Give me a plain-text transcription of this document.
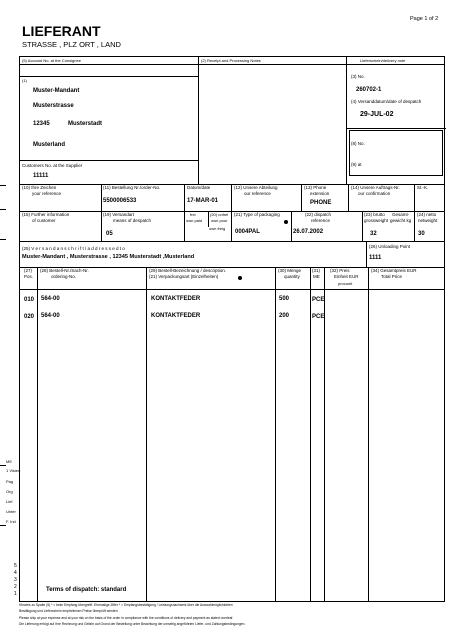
Page 1 of 2
LIEFERANT
STRASSE , PLZ ORT , LAND
(5) Account No. at the Consignee	(2) Receipt and Processing Notes	Lieferschein/delivery note
(1)
Muster-Mandant
Musterstrasse
12345	Musterstadt
Musterland
(3) No.
260702-1
(4) Versanddatum/date of despatch
29-JUL-02
(8) No.
(9) at
Customers No. at the Supplier
11111
(10) Ihre Zeichen
your reference
(11) Bestellung Nr./order-No.
5500006533
Datum/date
17-MAR-01
(12) Unsere Abteilung
our reference
(13) Phone
extension
PHONE
(14) Unsere Auftrags-Nr.
our confirmation
St.-K.
(15) Further information
of customer
(19) Versandart
means of despatch
05
frei
own paid
(20) unfrei
own pour
own freig
(21) Type of packaging
0004PAL
(22) dispatch
reference
26.07.2002
(23) brutto
grossweight
Gesamt-
gewicht kg
32
(24) netto
netweight
30
(25) V e r s a n d a n s c h r i f t / a d d r e s s e d t o
Muster-Mandant , Musterstrasse , 12345 Musterstadt ,Musterland
(26) Unloading Point
1111
(27)
Pos.
(28) Bestell-Nr./Sach-Nr.
ordering-No.
(29) Bestell-Bezeichnung / description.
(21) Verpackungsart (Einzelheiten)
(30) Menge
quantity
(31)
ME
(32) Preis
Einheit EUR
procunit
(34) Gesamtpreis EUR
Total Price
010 564-00	KONTAKTFEDER	500	PCE
020 564-00	KONTAKTFEDER	200	PCE
Terms of dispatch: standard
ME
1 Visiert
Pag
Org
Lief
Unter
F. Ind
5
4
3
2
1
Hinweis zu Spalte (5) * = beim Empfang übergreift. Ehemalige Ziffer * = Empfangsbestätigung / Leistungsnachweis über die Auswahlmöglichkeiten
Bestätigung und Lieferschein empfohlenen Preise überprüft werden
Please ship at your expense and at your risk on the basis of the order in compliance with the conditions of delivery and payment as stated overleaf.
Die Lieferung erfolgt auf Ihre Rechnung und Gefahr auf Grund der Bestellung unter Beachtung der umseitig angeführten Liefer- und Zahlungsbedingungen.
